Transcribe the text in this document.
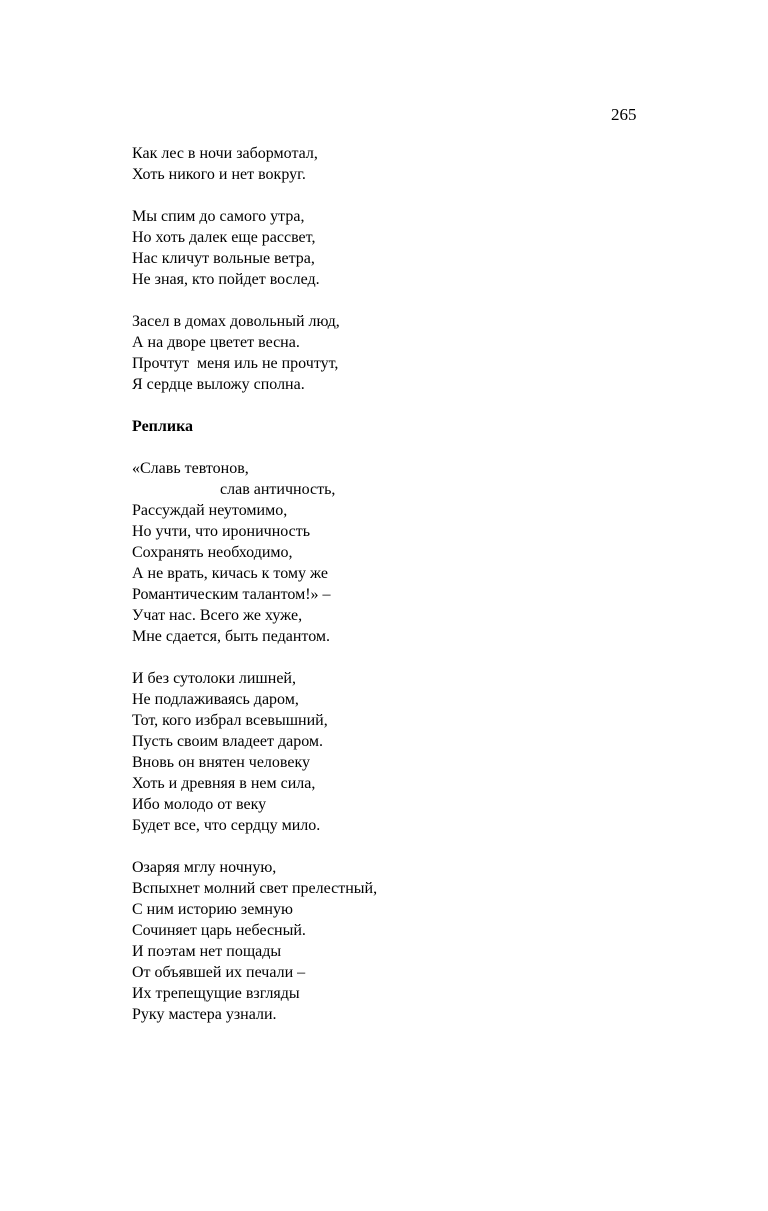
265
Как лес в ночи забормотал,
Хоть никого и нет вокруг.
Мы спим до самого утра,
Но хоть далек еще рассвет,
Нас кличут вольные ветра,
Не зная, кто пойдет вослед.
Засел в домах довольный люд,
А на дворе цветет весна.
Прочтут  меня иль не прочтут,
Я сердце выложу сполна.
Реплика
«Славь тевтонов,
слав античность,
Рассуждай неутомимо,
Но учти, что ироничность
Сохранять необходимо,
А не врать, кичась к тому же
Романтическим талантом!» –
Учат нас. Всего же хуже,
Мне сдается, быть педантом.
И без сутолоки лишней,
Не подлаживаясь даром,
Тот, кого избрал всевышний,
Пусть своим владеет даром.
Вновь он внятен человеку
Хоть и древняя в нем сила,
Ибо молодо от веку
Будет все, что сердцу мило.
Озаряя мглу ночную,
Вспыхнет молний свет прелестный,
С ним историю земную
Сочиняет царь небесный.
И поэтам нет пощады
От объявшей их печали –
Их трепещущие взгляды
Руку мастера узнали.
